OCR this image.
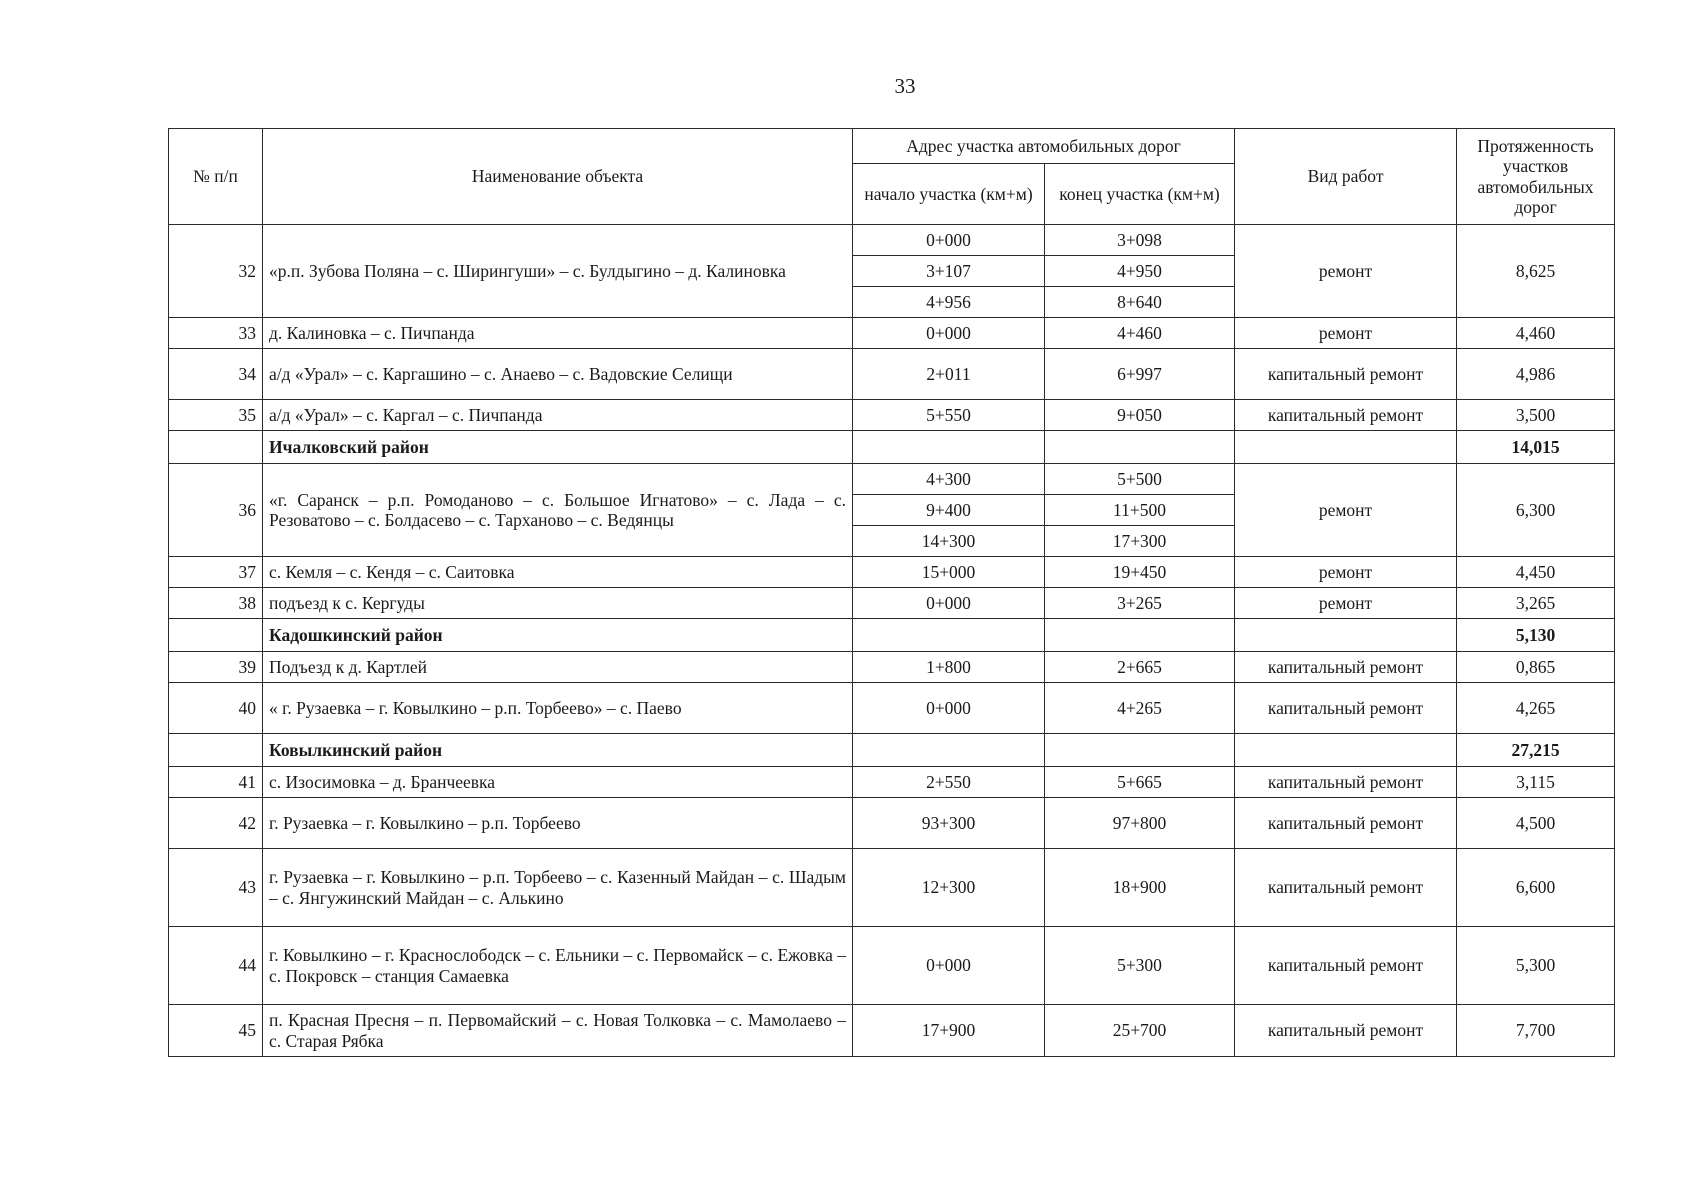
33
№ п/п	Наименование объекта	Адрес участка автомобильных дорог		Вид работ	Протяженность участков автомобильных дорог
		начало участка (км+м)	конец участка (км+м)		
32	«р.п. Зубова Поляна – с. Ширингуши» – с. Булдыгино – д. Калиновка	0+000	3+098	ремонт	8,625
		3+107	4+950		
		4+956	8+640		
33	д. Калиновка – с. Пичпанда	0+000	4+460	ремонт	4,460
34	а/д «Урал» – с. Каргашино – с. Анаево – с. Вадовские Селищи	2+011	6+997	капитальный ремонт	4,986
35	а/д «Урал» – с. Каргал – с. Пичпанда	5+550	9+050	капитальный ремонт	3,500
	Ичалковский район				14,015
36	«г. Саранск – р.п. Ромоданово – с. Большое Игнатово» – с. Лада – с. Резоватово – с. Болдасево – с. Тарханово – с. Ведянцы	4+300	5+500	ремонт	6,300
		9+400	11+500		
		14+300	17+300		
37	с. Кемля – с. Кендя – с. Саитовка	15+000	19+450	ремонт	4,450
38	подъезд к с. Кергуды	0+000	3+265	ремонт	3,265
	Кадошкинский район				5,130
39	Подъезд к д. Картлей	1+800	2+665	капитальный ремонт	0,865
40	« г. Рузаевка – г. Ковылкино – р.п. Торбеево» – с. Паево	0+000	4+265	капитальный ремонт	4,265
	Ковылкинский район				27,215
41	с. Изосимовка – д. Бранчеевка	2+550	5+665	капитальный ремонт	3,115
42	г. Рузаевка – г. Ковылкино – р.п. Торбеево	93+300	97+800	капитальный ремонт	4,500
43	г. Рузаевка – г. Ковылкино – р.п. Торбеево – с. Казенный Майдан – с. Шадым – с. Янгужинский Майдан – с. Алькино	12+300	18+900	капитальный ремонт	6,600
44	г. Ковылкино – г. Краснослободск – с. Ельники – с. Первомайск – с. Ежовка – с. Покровск – станция Самаевка	0+000	5+300	капитальный ремонт	5,300
45	п. Красная Пресня – п. Первомайский – с. Новая Толковка – с. Мамолаево – с. Старая Рябка	17+900	25+700	капитальный ремонт	7,700
